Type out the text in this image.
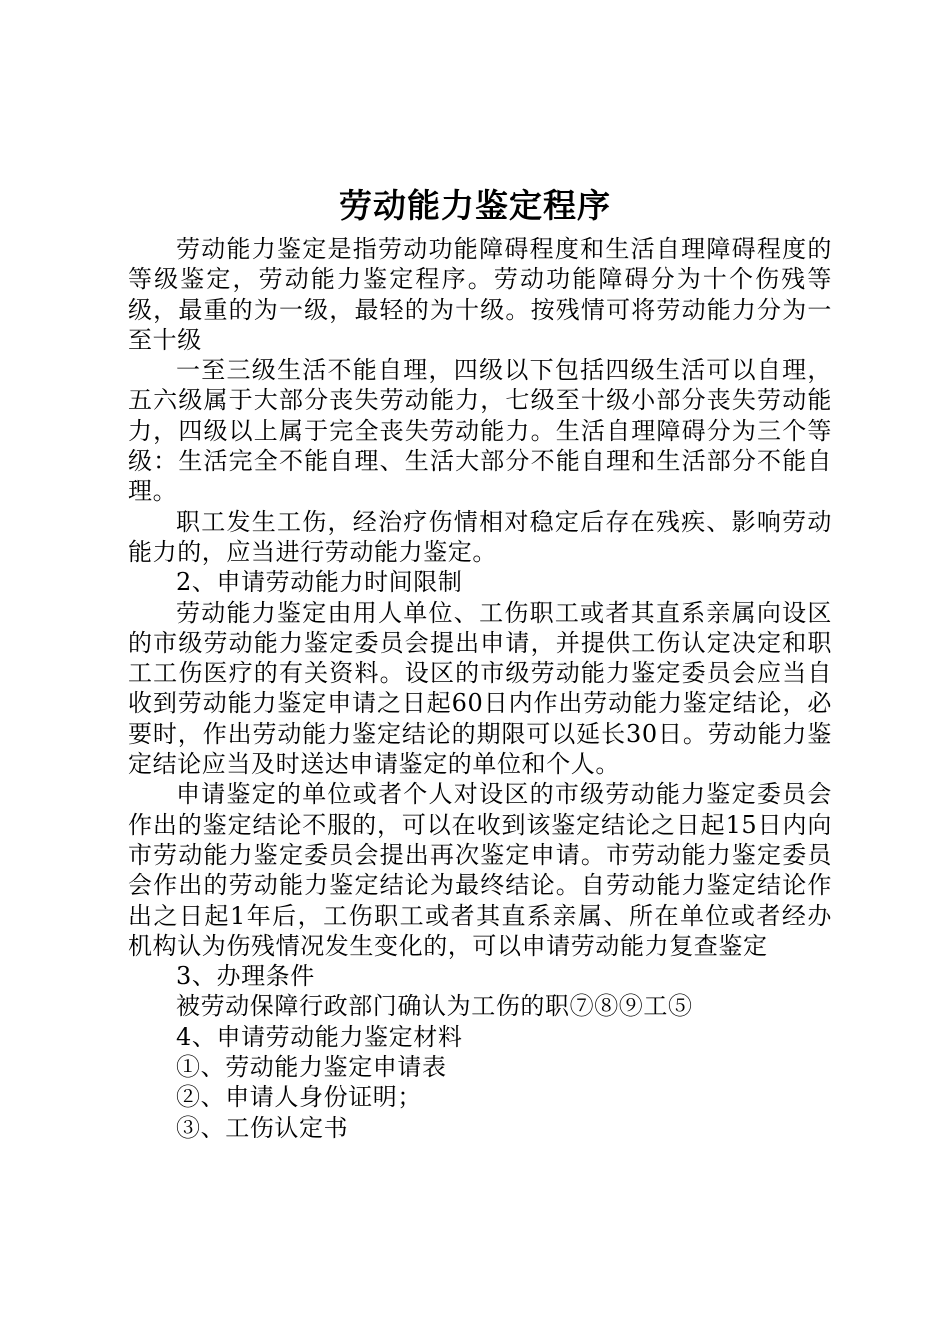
劳动能力鉴定程序

劳动能力鉴定是指劳动功能障碍程度和生活自理障碍程度的等级鉴定，劳动能力鉴定程序。劳动功能障碍分为十个伤残等级，最重的为一级，最轻的为十级。按残情可将劳动能力分为一至十级

一至三级生活不能自理，四级以下包括四级生活可以自理，五六级属于大部分丧失劳动能力，七级至十级小部分丧失劳动能力，四级以上属于完全丧失劳动能力。生活自理障碍分为三个等级：生活完全不能自理、生活大部分不能自理和生活部分不能自理。

职工发生工伤，经治疗伤情相对稳定后存在残疾、影响劳动能力的，应当进行劳动能力鉴定。

2、申请劳动能力时间限制

劳动能力鉴定由用人单位、工伤职工或者其直系亲属向设区的市级劳动能力鉴定委员会提出申请，并提供工伤认定决定和职工工伤医疗的有关资料。设区的市级劳动能力鉴定委员会应当自收到劳动能力鉴定申请之日起60日内作出劳动能力鉴定结论，必要时，作出劳动能力鉴定结论的期限可以延长30日。劳动能力鉴定结论应当及时送达申请鉴定的单位和个人。

申请鉴定的单位或者个人对设区的市级劳动能力鉴定委员会作出的鉴定结论不服的，可以在收到该鉴定结论之日起15日内向市劳动能力鉴定委员会提出再次鉴定申请。市劳动能力鉴定委员会作出的劳动能力鉴定结论为最终结论。自劳动能力鉴定结论作出之日起1年后，工伤职工或者其直系亲属、所在单位或者经办机构认为伤残情况发生变化的，可以申请劳动能力复查鉴定

3、办理条件

被劳动保障行政部门确认为工伤的职⑦⑧⑨工⑤

4、申请劳动能力鉴定材料

①、劳动能力鉴定申请表

②、申请人身份证明；

③、工伤认定书
